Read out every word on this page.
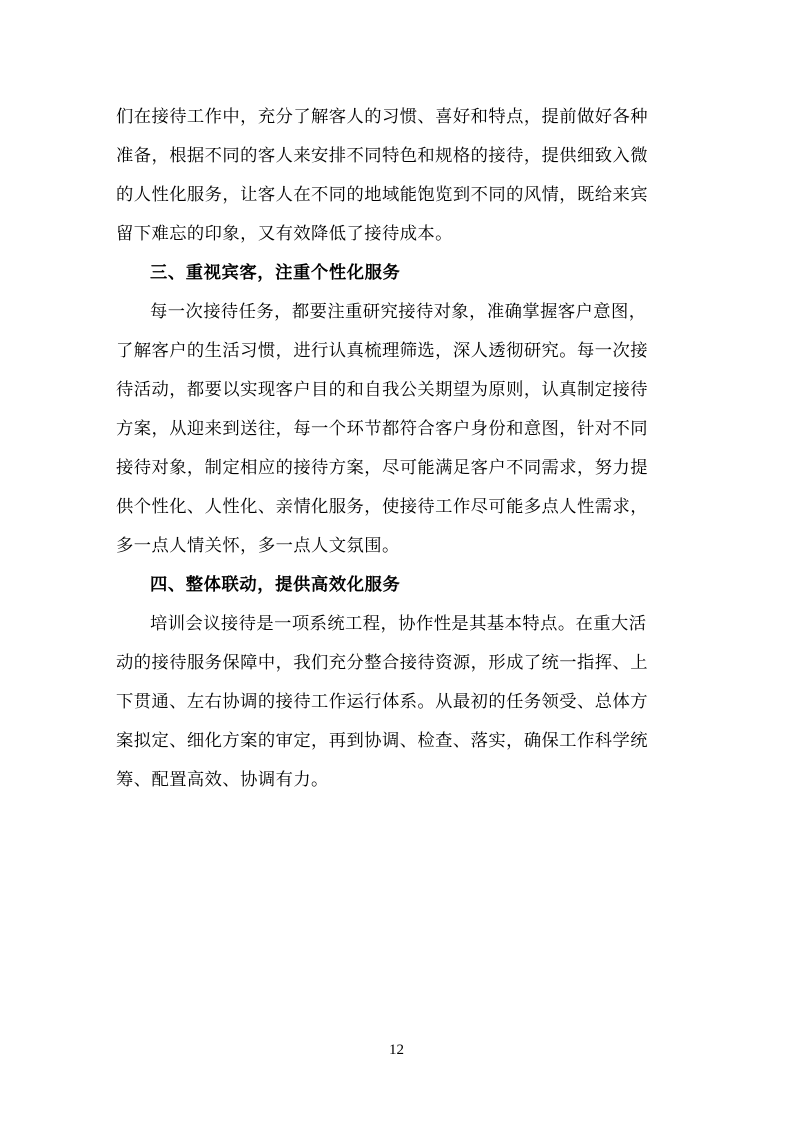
们在接待工作中，充分了解客人的习惯、喜好和特点，提前做好各种
准备，根据不同的客人来安排不同特色和规格的接待，提供细致入微
的人性化服务，让客人在不同的地域能饱览到不同的风情，既给来宾
留下难忘的印象，又有效降低了接待成本。
三、重视宾客，注重个性化服务
每一次接待任务，都要注重研究接待对象，准确掌握客户意图，
了解客户的生活习惯，进行认真梳理筛选，深人透彻研究。每一次接
待活动，都要以实现客户目的和自我公关期望为原则，认真制定接待
方案，从迎来到送往，每一个环节都符合客户身份和意图，针对不同
接待对象，制定相应的接待方案，尽可能满足客户不同需求，努力提
供个性化、人性化、亲情化服务，使接待工作尽可能多点人性需求，
多一点人情关怀，多一点人文氛围。
四、整体联动，提供高效化服务
培训会议接待是一项系统工程，协作性是其基本特点。在重大活
动的接待服务保障中，我们充分整合接待资源，形成了统一指挥、上
下贯通、左右协调的接待工作运行体系。从最初的任务领受、总体方
案拟定、细化方案的审定，再到协调、检查、落实，确保工作科学统
筹、配置高效、协调有力。
12
